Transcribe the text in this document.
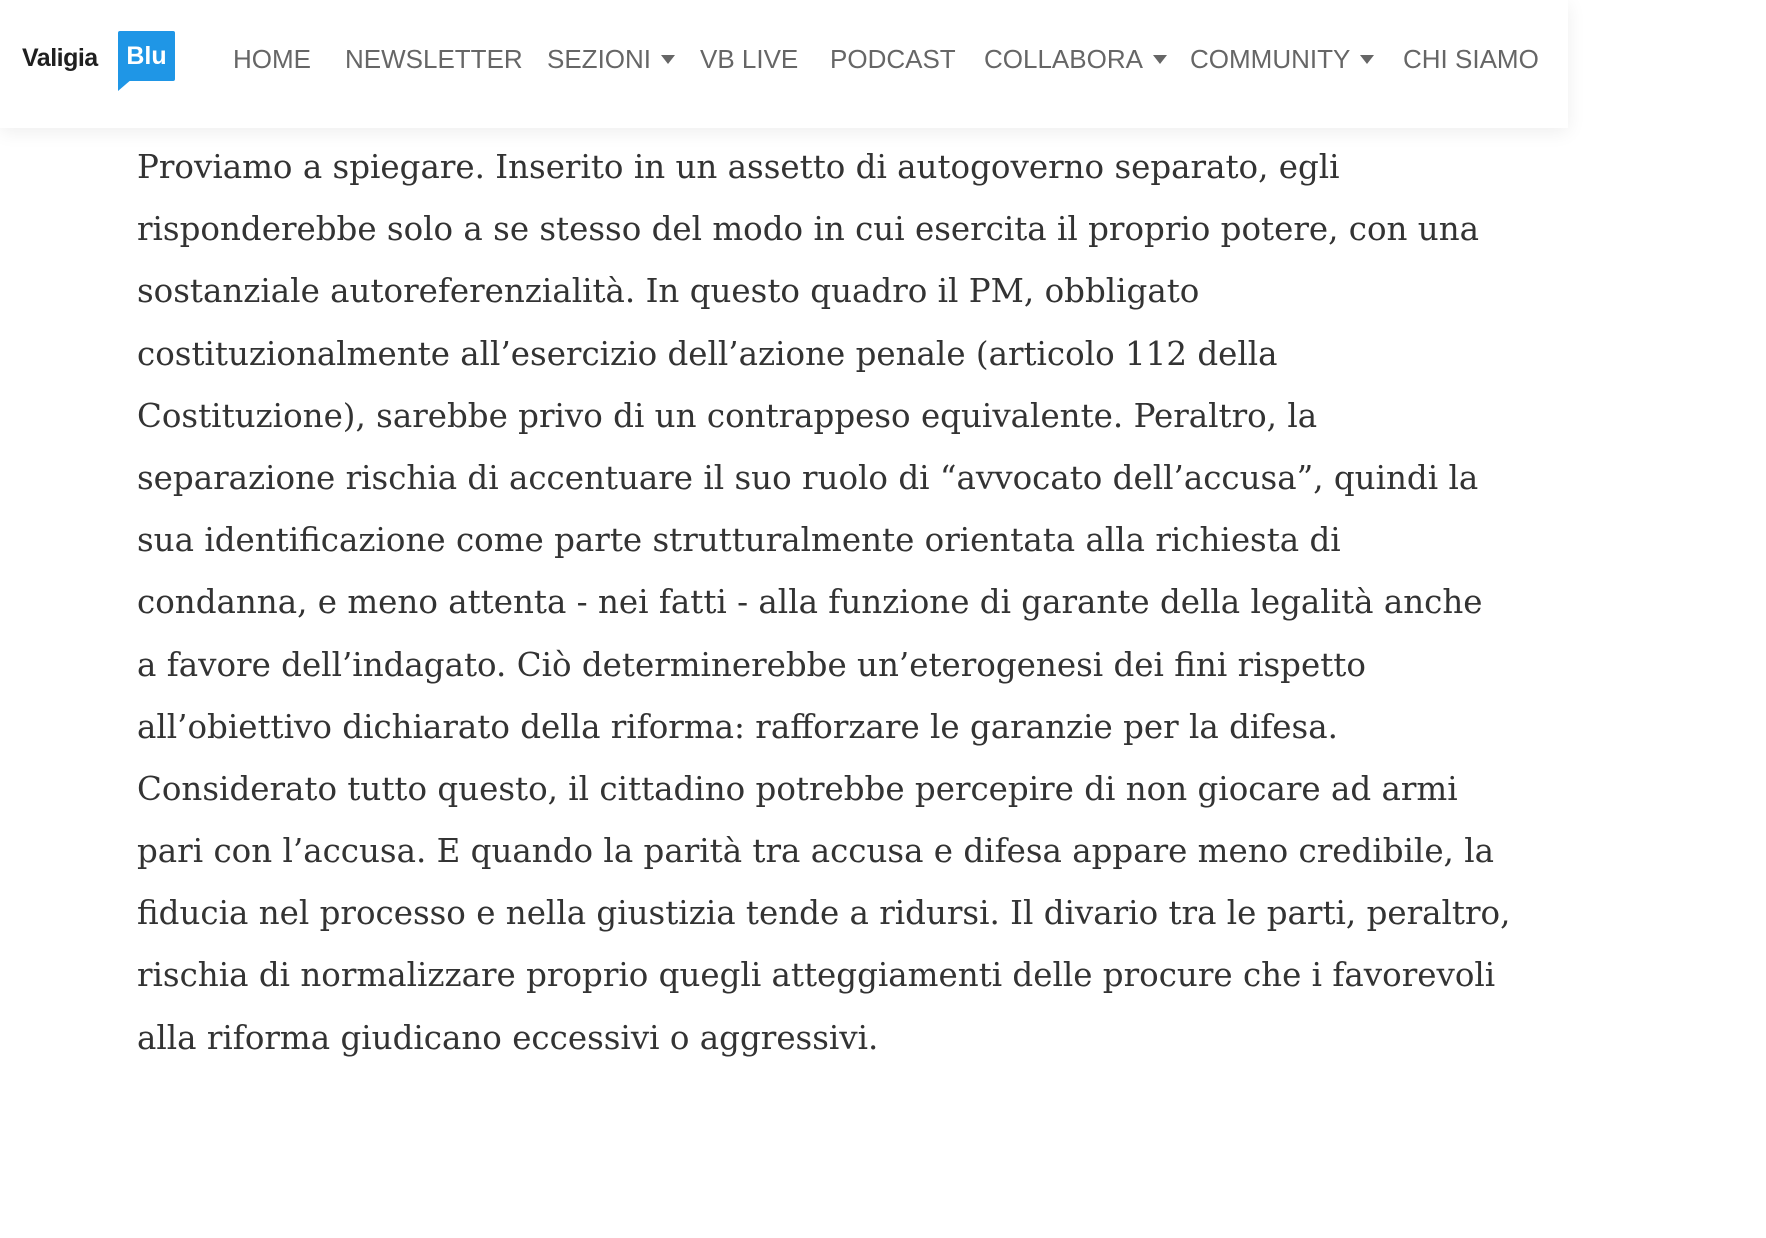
Valigia	Blu	HOME NEWSLETTER SEZIONI	VB LIVE PODCAST COLLABORA	COMMUNITY	CHI SIAMO

Proviamo a spiegare. Inserito in un assetto di autogoverno separato, egli
risponderebbe solo a se stesso del modo in cui esercita il proprio potere, con una
sostanziale autoreferenzialità. In questo quadro il PM, obbligato
costituzionalmente all’esercizio dell’azione penale (articolo 112 della
Costituzione), sarebbe privo di un contrappeso equivalente. Peraltro, la
separazione rischia di accentuare il suo ruolo di “avvocato dell’accusa”, quindi la
sua identificazione come parte strutturalmente orientata alla richiesta di
condanna, e meno attenta - nei fatti - alla funzione di garante della legalità anche
a favore dell’indagato. Ciò determinerebbe un’eterogenesi dei fini rispetto
all’obiettivo dichiarato della riforma: rafforzare le garanzie per la difesa.
Considerato tutto questo, il cittadino potrebbe percepire di non giocare ad armi
pari con l’accusa. E quando la parità tra accusa e difesa appare meno credibile, la
fiducia nel processo e nella giustizia tende a ridursi. Il divario tra le parti, peraltro,
rischia di normalizzare proprio quegli atteggiamenti delle procure che i favorevoli
alla riforma giudicano eccessivi o aggressivi.
